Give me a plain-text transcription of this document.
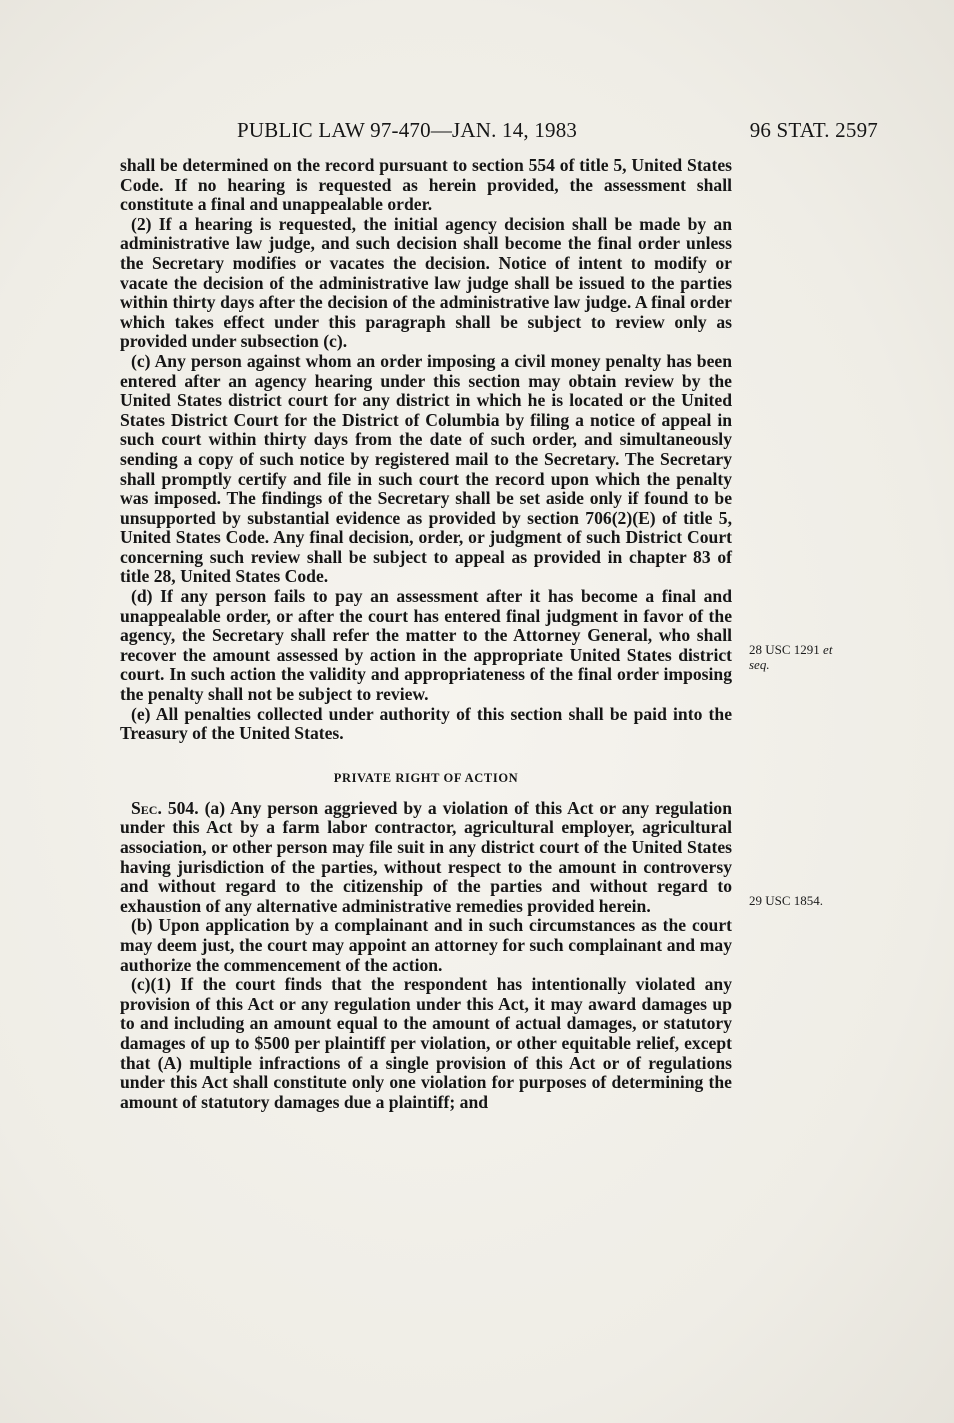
PUBLIC LAW 97-470—JAN. 14, 1983	96 STAT. 2597

shall be determined on the record pursuant to section 554 of title 5, United States Code. If no hearing is requested as herein provided, the assessment shall constitute a final and unappealable order.

(2) If a hearing is requested, the initial agency decision shall be made by an administrative law judge, and such decision shall become the final order unless the Secretary modifies or vacates the decision. Notice of intent to modify or vacate the decision of the administrative law judge shall be issued to the parties within thirty days after the decision of the administrative law judge. A final order which takes effect under this paragraph shall be subject to review only as provided under subsection (c).

(c) Any person against whom an order imposing a civil money penalty has been entered after an agency hearing under this section may obtain review by the United States district court for any district in which he is located or the United States District Court for the District of Columbia by filing a notice of appeal in such court within thirty days from the date of such order, and simultaneously sending a copy of such notice by registered mail to the Secretary. The Secretary shall promptly certify and file in such court the record upon which the penalty was imposed. The findings of the Secretary shall be set aside only if found to be unsupported by substantial evidence as provided by section 706(2)(E) of title 5, United States Code. Any final decision, order, or judgment of such District Court concerning such review shall be subject to appeal as provided in chapter 83 of title 28, United States Code.

(d) If any person fails to pay an assessment after it has become a final and unappealable order, or after the court has entered final judgment in favor of the agency, the Secretary shall refer the matter to the Attorney General, who shall recover the amount assessed by action in the appropriate United States district court. In such action the validity and appropriateness of the final order imposing the penalty shall not be subject to review.

(e) All penalties collected under authority of this section shall be paid into the Treasury of the United States.

PRIVATE RIGHT OF ACTION

Sec. 504. (a) Any person aggrieved by a violation of this Act or any regulation under this Act by a farm labor contractor, agricultural employer, agricultural association, or other person may file suit in any district court of the United States having jurisdiction of the parties, without respect to the amount in controversy and without regard to the citizenship of the parties and without regard to exhaustion of any alternative administrative remedies provided herein.

(b) Upon application by a complainant and in such circumstances as the court may deem just, the court may appoint an attorney for such complainant and may authorize the commencement of the action.

(c)(1) If the court finds that the respondent has intentionally violated any provision of this Act or any regulation under this Act, it may award damages up to and including an amount equal to the amount of actual damages, or statutory damages of up to $500 per plaintiff per violation, or other equitable relief, except that (A) multiple infractions of a single provision of this Act or of regulations under this Act shall constitute only one violation for purposes of determining the amount of statutory damages due a plaintiff; and

28 USC 1291 et
seq.
29 USC 1854.
